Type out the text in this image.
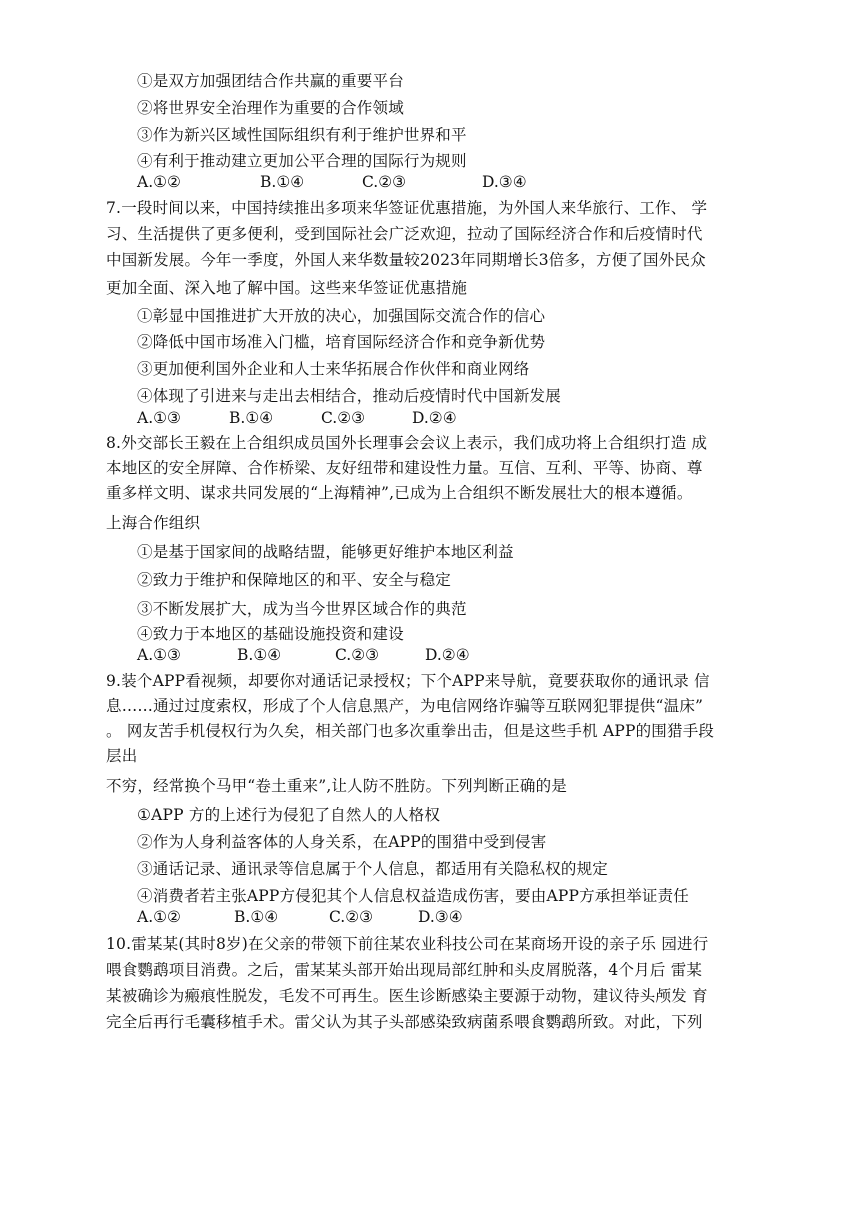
①是双方加强团结合作共赢的重要平台
②将世界安全治理作为重要的合作领域
③作为新兴区域性国际组织有利于维护世界和平
④有利于推动建立更加公平合理的国际行为规则
A.①②	B.①④	C.②③	D.③④
7.一段时间以来，中国持续推出多项来华签证优惠措施，为外国人来华旅行、工作、 学
习、生活提供了更多便利，受到国际社会广泛欢迎，拉动了国际经济合作和后疫情时代
中国新发展。今年一季度，外国人来华数量较2023年同期增长3倍多，方便了国外民众
更加全面、深入地了解中国。这些来华签证优惠措施
①彰显中国推进扩大开放的决心，加强国际交流合作的信心
②降低中国市场准入门槛，培育国际经济合作和竞争新优势
③更加便利国外企业和人士来华拓展合作伙伴和商业网络
④体现了引进来与走出去相结合，推动后疫情时代中国新发展
A.①③	B.①④	C.②③	D.②④
8.外交部长王毅在上合组织成员国外长理事会会议上表示，我们成功将上合组织打造 成
本地区的安全屏障、合作桥梁、友好纽带和建设性力量。互信、互利、平等、协商、尊
重多样文明、谋求共同发展的“上海精神”,已成为上合组织不断发展壮大的根本遵循。
上海合作组织
①是基于国家间的战略结盟，能够更好维护本地区利益
②致力于维护和保障地区的和平、安全与稳定
③不断发展扩大，成为当今世界区域合作的典范
④致力于本地区的基础设施投资和建设
A.①③	B.①④	C.②③	D.②④
9.装个APP看视频，却要你对通话记录授权；下个APP来导航，竟要获取你的通讯录 信
息……通过过度索权，形成了个人信息黑产，为电信网络诈骗等互联网犯罪提供“温床”
。 网友苦手机侵权行为久矣，相关部门也多次重拳出击，但是这些手机 APP的围猎手段
层出
不穷，经常换个马甲“卷土重来”,让人防不胜防。下列判断正确的是
①APP 方的上述行为侵犯了自然人的人格权
②作为人身利益客体的人身关系，在APP的围猎中受到侵害
③通话记录、通讯录等信息属于个人信息，都适用有关隐私权的规定
④消费者若主张APP方侵犯其个人信息权益造成伤害，要由APP方承担举证责任
A.①②	B.①④	C.②③	D.③④
10.雷某某(其时8岁)在父亲的带领下前往某农业科技公司在某商场开设的亲子乐 园进行
喂食鹦鹉项目消费。之后，雷某某头部开始出现局部红肿和头皮屑脱落，4个月后 雷某
某被确诊为瘢痕性脱发，毛发不可再生。医生诊断感染主要源于动物，建议待头颅发 育
完全后再行毛囊移植手术。雷父认为其子头部感染致病菌系喂食鹦鹉所致。对此，下列
